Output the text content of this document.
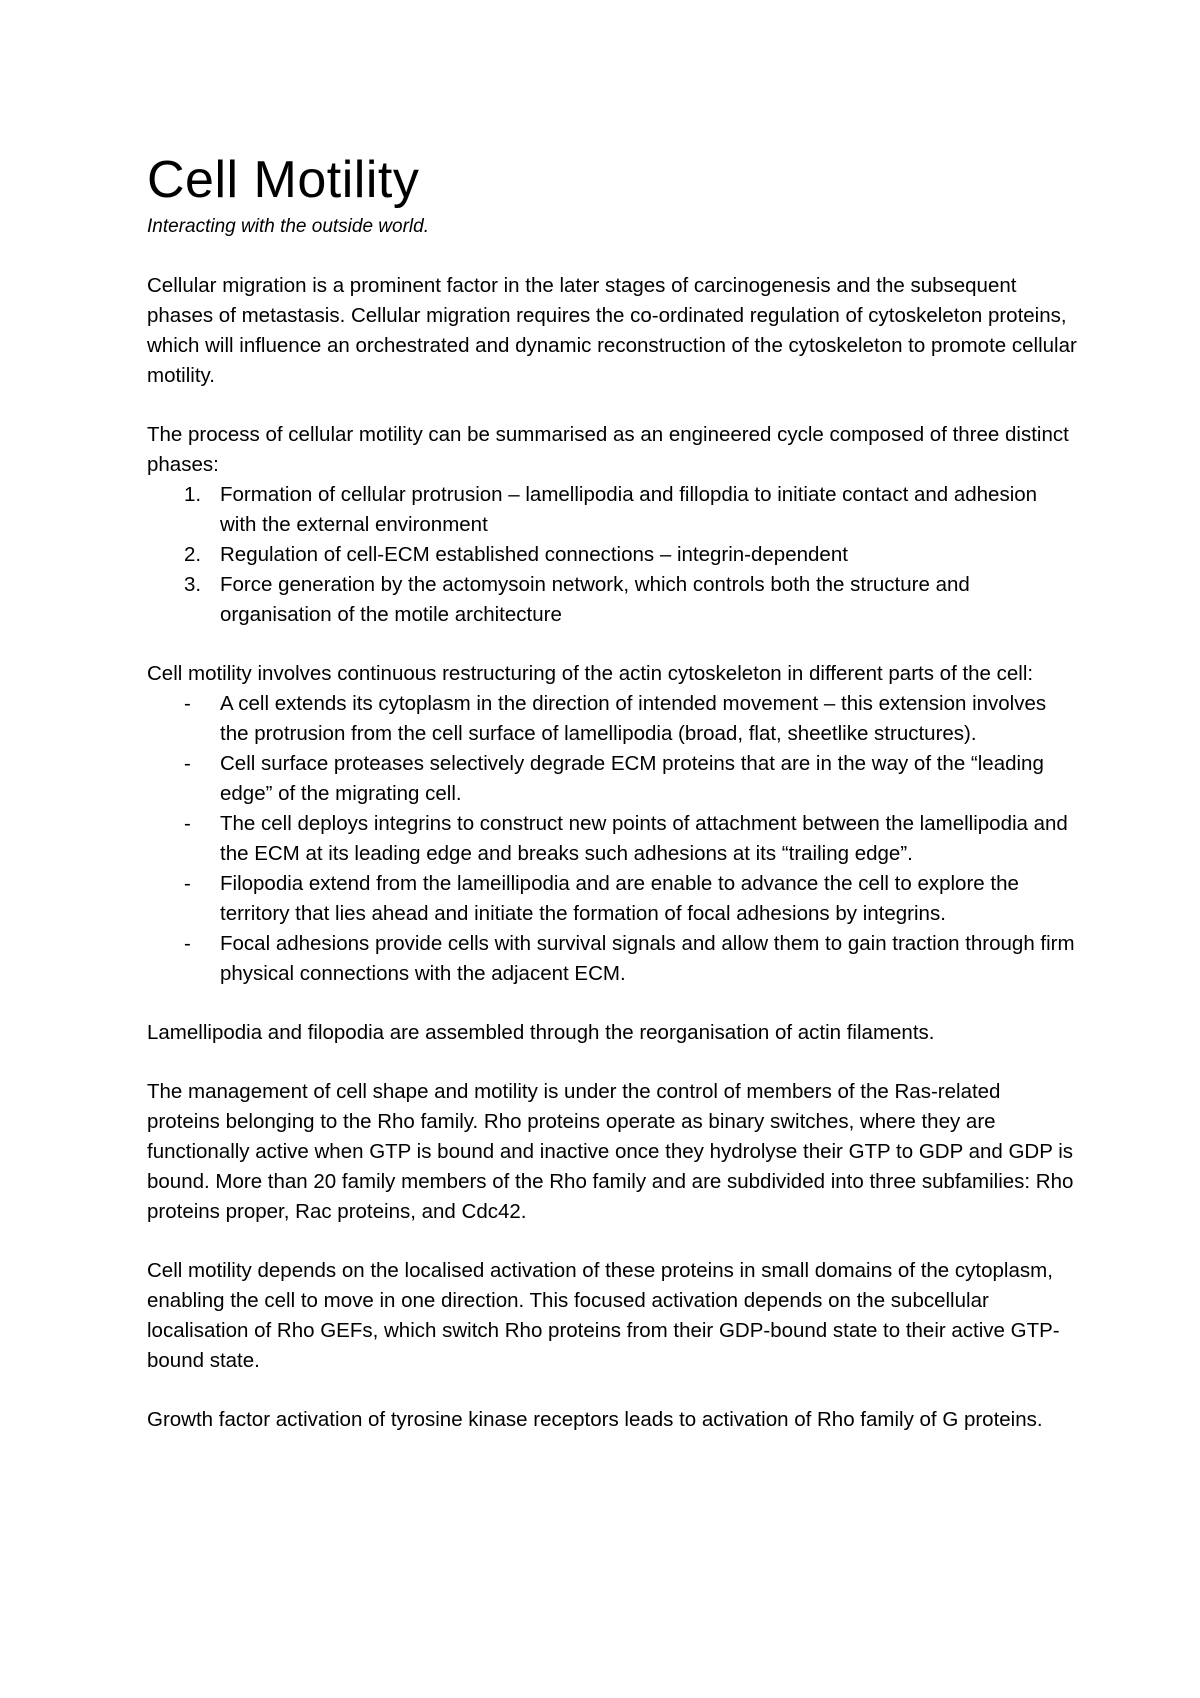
Cell Motility
Interacting with the outside world.

Cellular migration is a prominent factor in the later stages of carcinogenesis and the subsequent phases of metastasis. Cellular migration requires the co-ordinated regulation of cytoskeleton proteins, which will influence an orchestrated and dynamic reconstruction of the cytoskeleton to promote cellular motility.

The process of cellular motility can be summarised as an engineered cycle composed of three distinct phases:

1. Formation of cellular protrusion – lamellipodia and fillopdia to initiate contact and adhesion with the external environment
2. Regulation of cell-ECM established connections – integrin-dependent
3. Force generation by the actomysoin network, which controls both the structure and organisation of the motile architecture

Cell motility involves continuous restructuring of the actin cytoskeleton in different parts of the cell:

- A cell extends its cytoplasm in the direction of intended movement – this extension involves the protrusion from the cell surface of lamellipodia (broad, flat, sheetlike structures).
- Cell surface proteases selectively degrade ECM proteins that are in the way of the “leading edge” of the migrating cell.
- The cell deploys integrins to construct new points of attachment between the lamellipodia and the ECM at its leading edge and breaks such adhesions at its “trailing edge”.
- Filopodia extend from the lameillipodia and are enable to advance the cell to explore the territory that lies ahead and initiate the formation of focal adhesions by integrins.
- Focal adhesions provide cells with survival signals and allow them to gain traction through firm physical connections with the adjacent ECM.

Lamellipodia and filopodia are assembled through the reorganisation of actin filaments.

The management of cell shape and motility is under the control of members of the Ras-related proteins belonging to the Rho family. Rho proteins operate as binary switches, where they are functionally active when GTP is bound and inactive once they hydrolyse their GTP to GDP and GDP is bound. More than 20 family members of the Rho family and are subdivided into three subfamilies: Rho proteins proper, Rac proteins, and Cdc42.

Cell motility depends on the localised activation of these proteins in small domains of the cytoplasm, enabling the cell to move in one direction. This focused activation depends on the subcellular localisation of Rho GEFs, which switch Rho proteins from their GDP-bound state to their active GTP-bound state.

Growth factor activation of tyrosine kinase receptors leads to activation of Rho family of G proteins.
